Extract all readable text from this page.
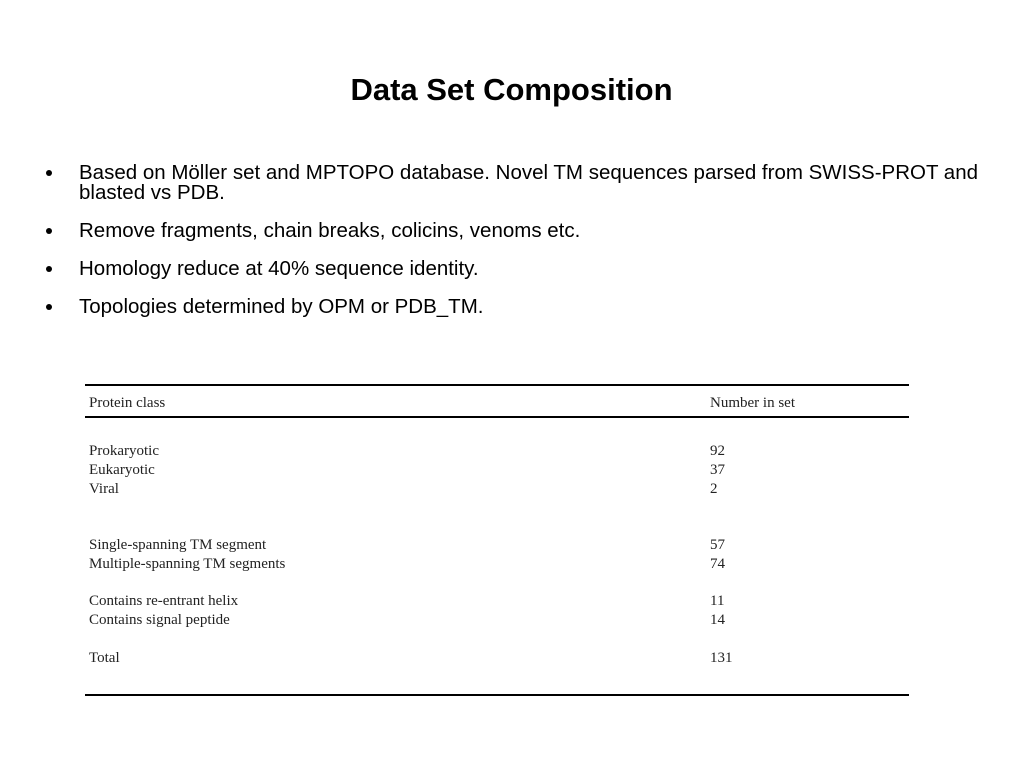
Data Set Composition
Based on Möller set and MPTOPO database. Novel TM sequences parsed from SWISS-PROT and blasted vs PDB.
Remove fragments, chain breaks, colicins, venoms etc.
Homology reduce at 40% sequence identity.
Topologies determined by OPM or PDB_TM.
Protein class	Number in set
Prokaryotic	92
Eukaryotic	37
Viral	2
Single-spanning TM segment	57
Multiple-spanning TM segments	74
Contains re-entrant helix	11
Contains signal peptide	14
Total	131
